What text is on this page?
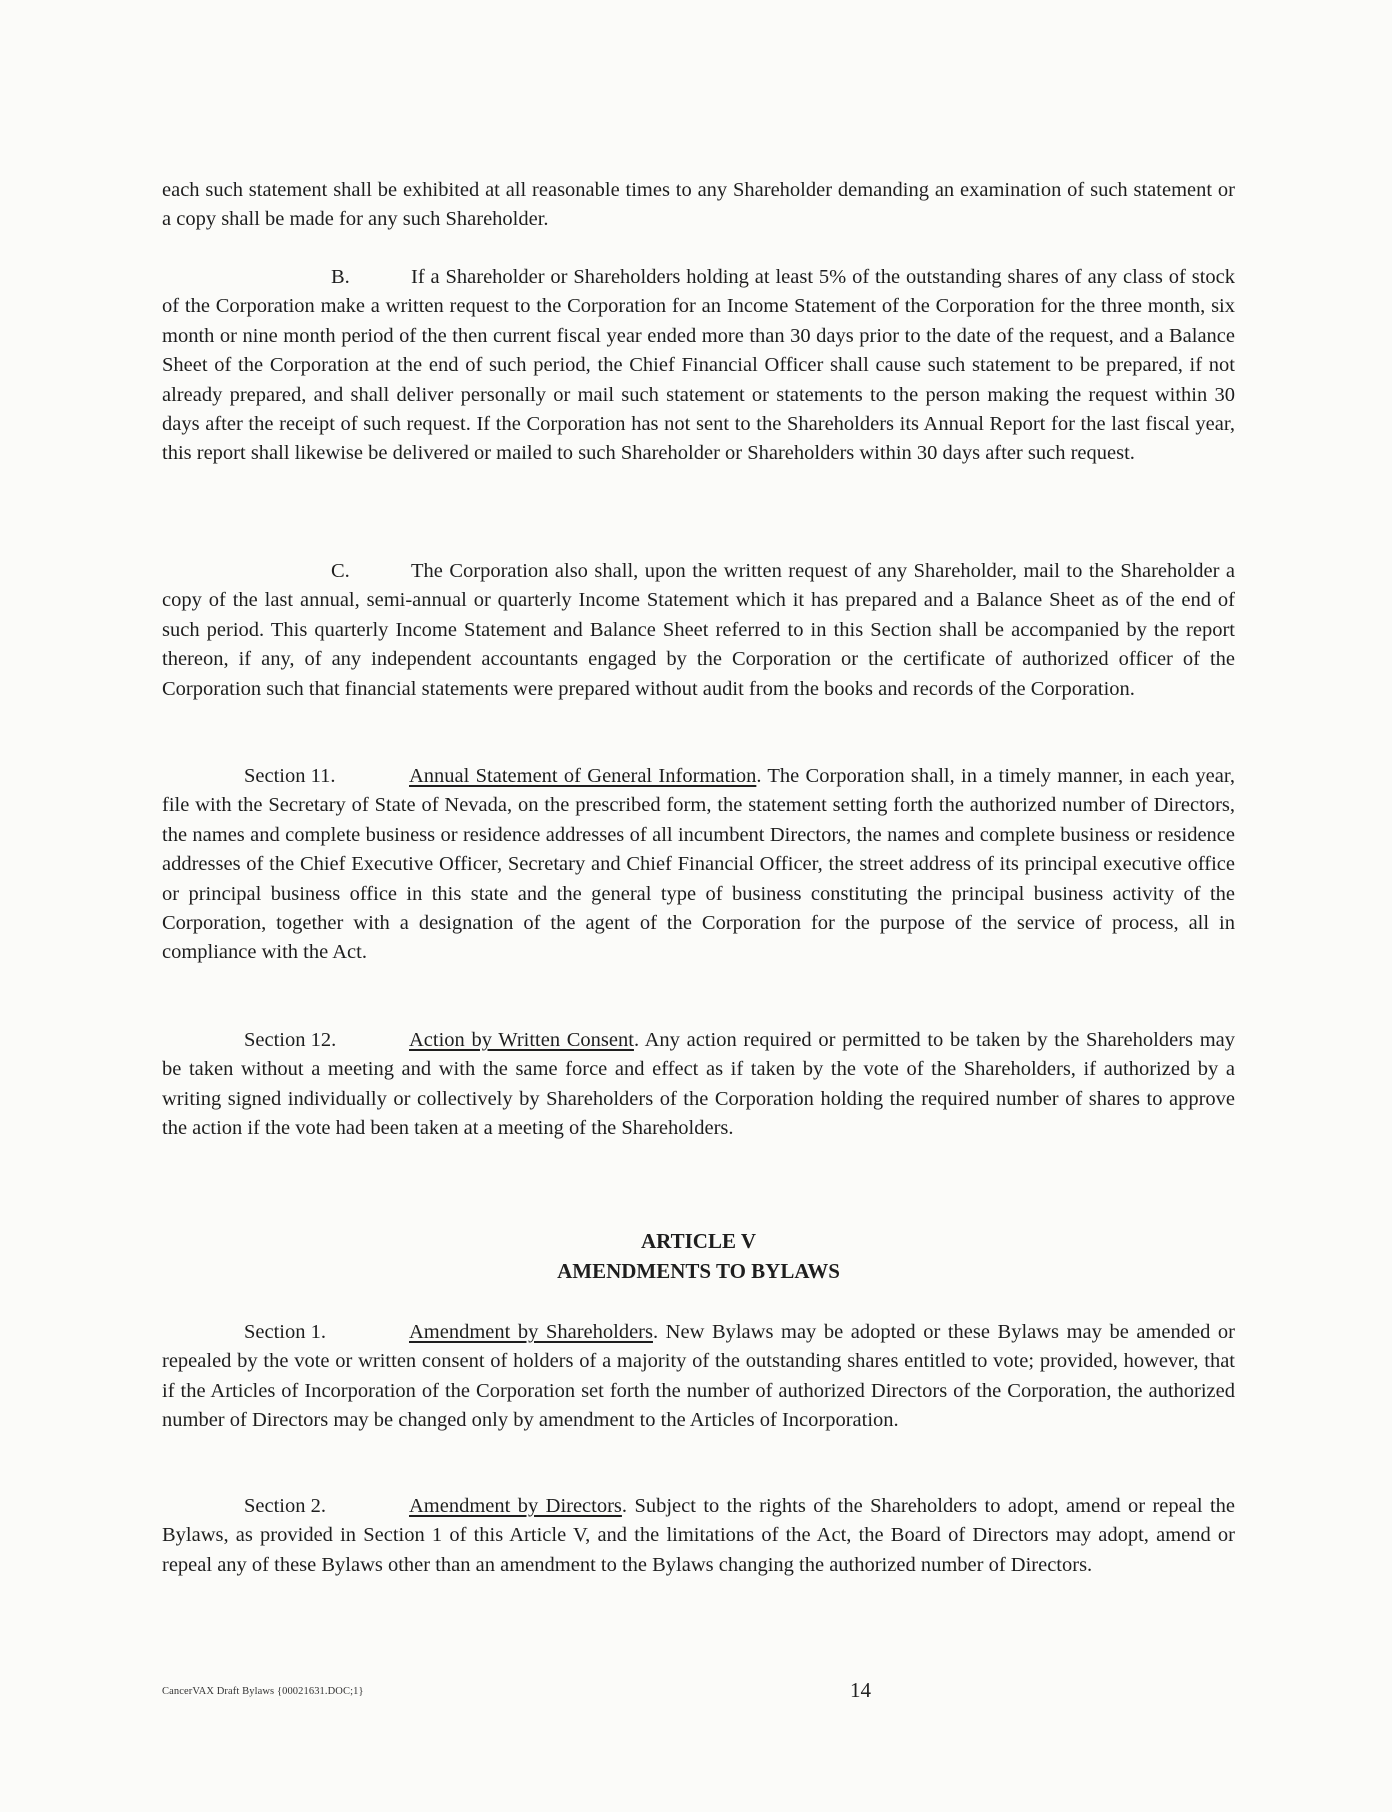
each such statement shall be exhibited at all reasonable times to any Shareholder demanding an examination of such statement or a copy shall be made for any such Shareholder.

B.	If a Shareholder or Shareholders holding at least 5% of the outstanding shares of any class of stock of the Corporation make a written request to the Corporation for an Income Statement of the Corporation for the three month, six month or nine month period of the then current fiscal year ended more than 30 days prior to the date of the request, and a Balance Sheet of the Corporation at the end of such period, the Chief Financial Officer shall cause such statement to be prepared, if not already prepared, and shall deliver personally or mail such statement or statements to the person making the request within 30 days after the receipt of such request. If the Corporation has not sent to the Shareholders its Annual Report for the last fiscal year, this report shall likewise be delivered or mailed to such Shareholder or Shareholders within 30 days after such request.

C.	The Corporation also shall, upon the written request of any Shareholder, mail to the Shareholder a copy of the last annual, semi-annual or quarterly Income Statement which it has prepared and a Balance Sheet as of the end of such period. This quarterly Income Statement and Balance Sheet referred to in this Section shall be accompanied by the report thereon, if any, of any independent accountants engaged by the Corporation or the certificate of authorized officer of the Corporation such that financial statements were prepared without audit from the books and records of the Corporation.

Section 11.	Annual Statement of General Information. The Corporation shall, in a timely manner, in each year, file with the Secretary of State of Nevada, on the prescribed form, the statement setting forth the authorized number of Directors, the names and complete business or residence addresses of all incumbent Directors, the names and complete business or residence addresses of the Chief Executive Officer, Secretary and Chief Financial Officer, the street address of its principal executive office or principal business office in this state and the general type of business constituting the principal business activity of the Corporation, together with a designation of the agent of the Corporation for the purpose of the service of process, all in compliance with the Act.

Section 12.	Action by Written Consent. Any action required or permitted to be taken by the Shareholders may be taken without a meeting and with the same force and effect as if taken by the vote of the Shareholders, if authorized by a writing signed individually or collectively by Shareholders of the Corporation holding the required number of shares to approve the action if the vote had been taken at a meeting of the Shareholders.

ARTICLE V
AMENDMENTS TO BYLAWS

Section 1.	Amendment by Shareholders. New Bylaws may be adopted or these Bylaws may be amended or repealed by the vote or written consent of holders of a majority of the outstanding shares entitled to vote; provided, however, that if the Articles of Incorporation of the Corporation set forth the number of authorized Directors of the Corporation, the authorized number of Directors may be changed only by amendment to the Articles of Incorporation.

Section 2.	Amendment by Directors. Subject to the rights of the Shareholders to adopt, amend or repeal the Bylaws, as provided in Section 1 of this Article V, and the limitations of the Act, the Board of Directors may adopt, amend or repeal any of these Bylaws other than an amendment to the Bylaws changing the authorized number of Directors.

CancerVAX Draft Bylaws {00021631.DOC;1}	14
